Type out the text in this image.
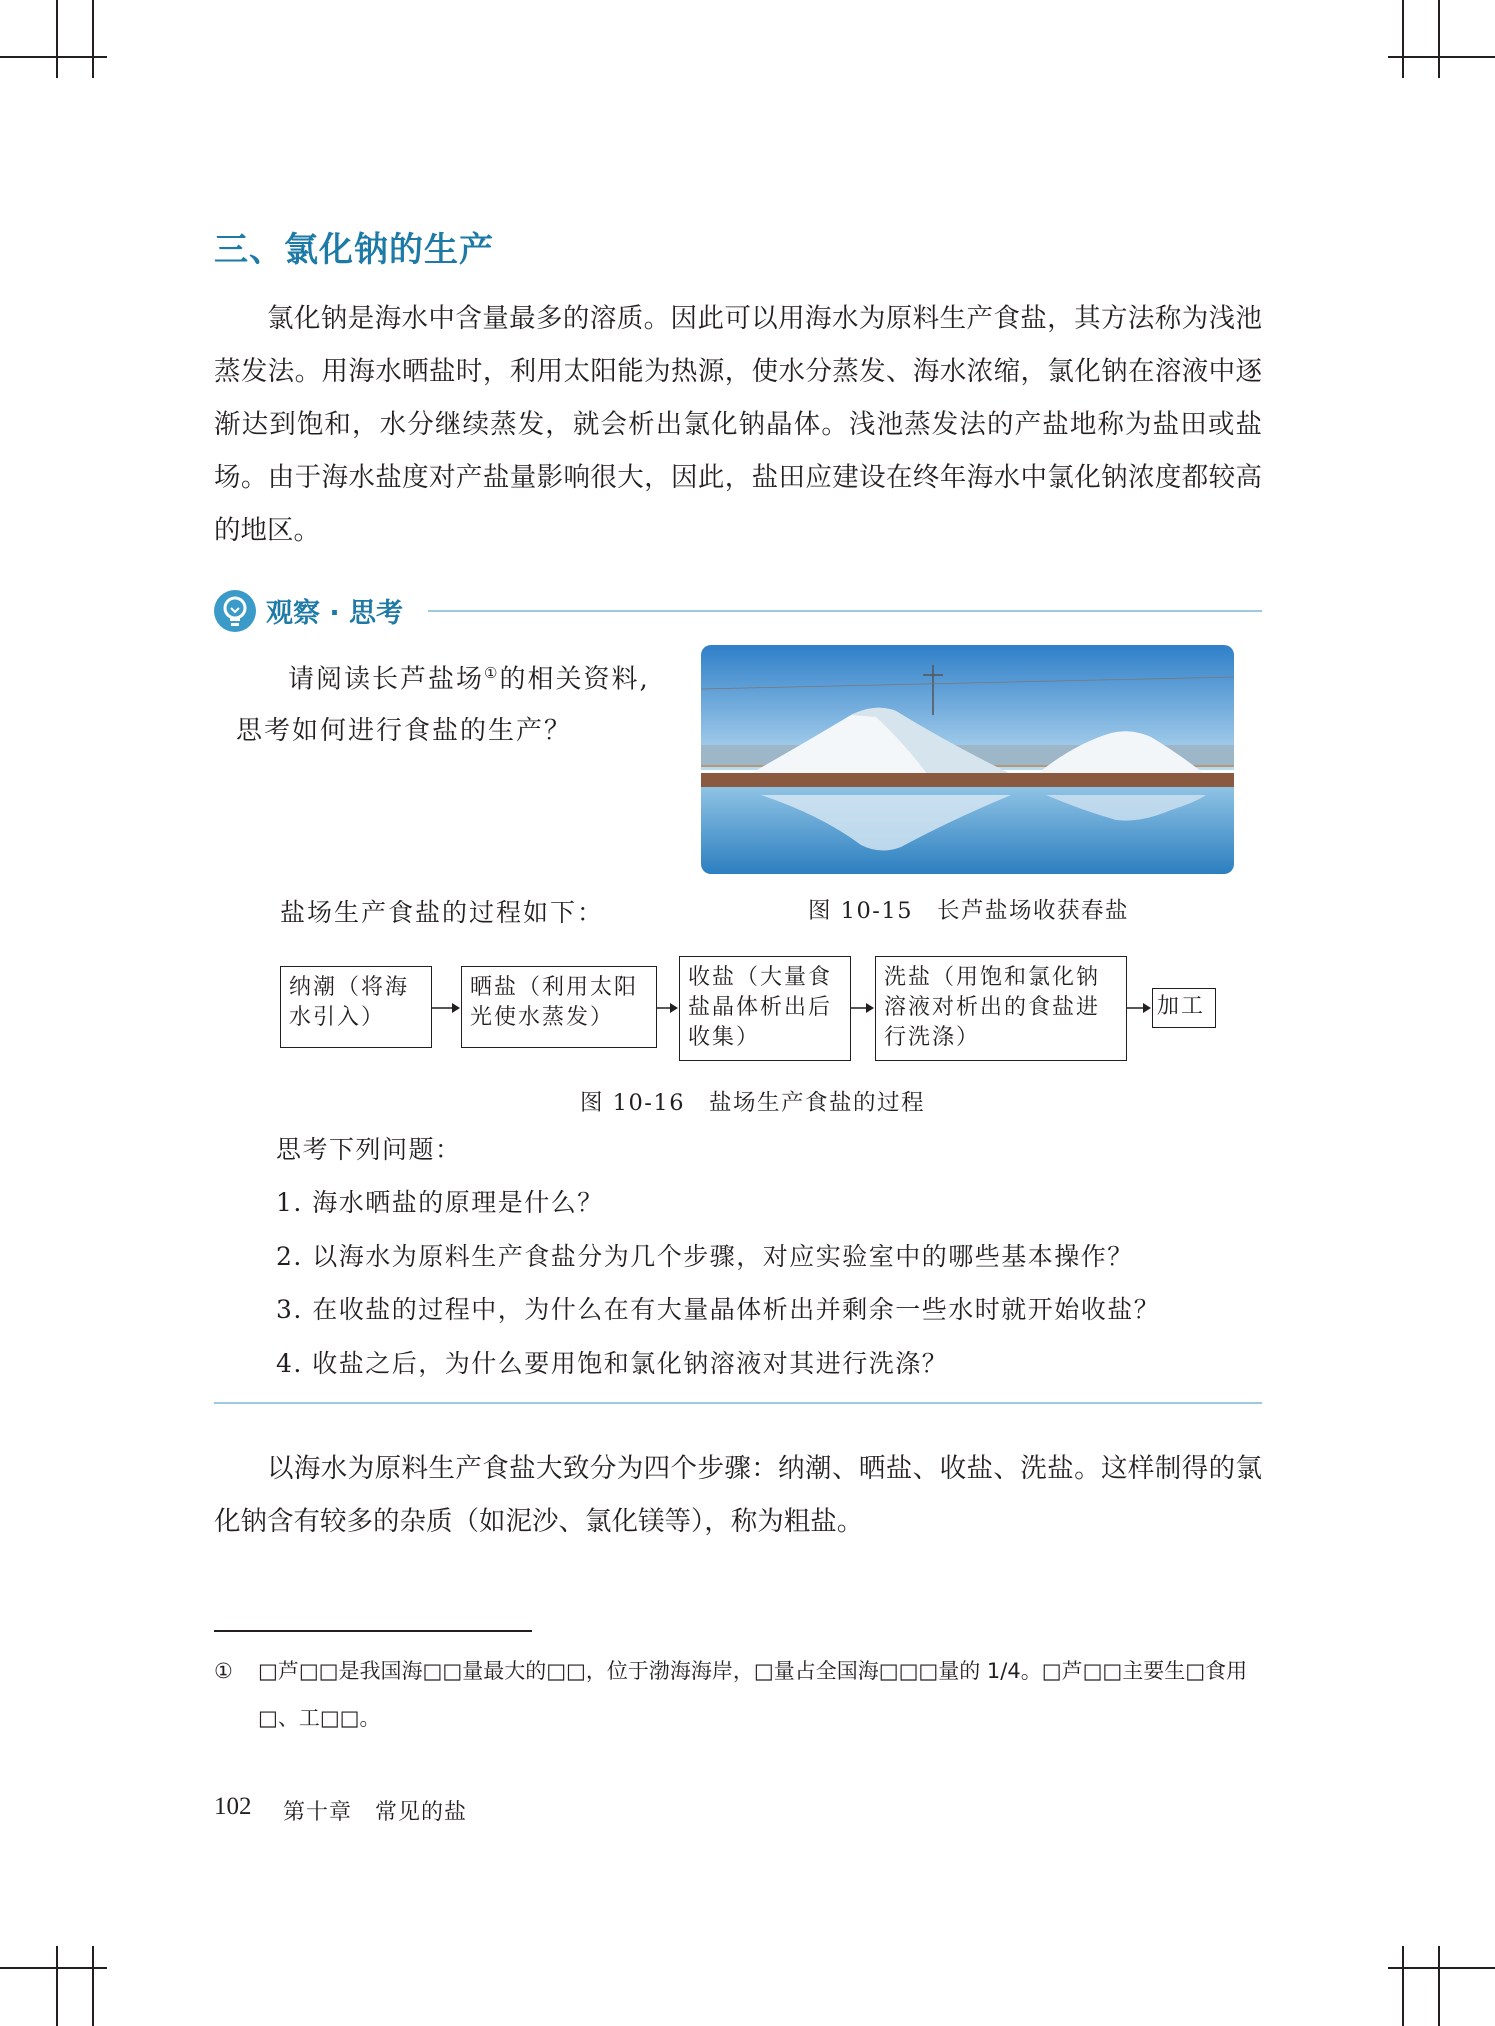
三、氯化钠的生产

氯化钠是海水中含量最多的溶质。因此可以用海水为原料生产食盐，其方法称为浅池蒸发法。用海水晒盐时，利用太阳能为热源，使水分蒸发、海水浓缩，氯化钠在溶液中逐渐达到饱和，水分继续蒸发，就会析出氯化钠晶体。浅池蒸发法的产盐地称为盐田或盐场。由于海水盐度对产盐量影响很大，因此，盐田应建设在终年海水中氯化钠浓度都较高的地区。

观察 · 思考

请阅读长芦盐场①的相关资料, 思考如何进行食盐的生产？

盐场生产食盐的过程如下：	图 10-15　长芦盐场收获春盐
纳潮（将海水引入）
晒盐（利用太阳光使水蒸发）
收盐（大量食盐晶体析出后收集）
洗盐（用饱和氯化钠溶液对析出的食盐进行洗涤）
加工
图 10-16　盐场生产食盐的过程
思考下列问题：
1. 海水晒盐的原理是什么？
2. 以海水为原料生产食盐分为几个步骤，对应实验室中的哪些基本操作？
3. 在收盐的过程中，为什么在有大量晶体析出并剩余一些水时就开始收盐？
4. 收盐之后，为什么要用饱和氯化钠溶液对其进行洗涤？

以海水为原料生产食盐大致分为四个步骤：纳潮、晒盐、收盐、洗盐。这样制得的氯化钠含有较多的杂质（如泥沙、氯化镁等），称为粗盐。

① □芦□□是我国海□□量最大的□□，位于渤海海岸，□量占全国海□□□量的 1/4。□芦□□主要生□食用□、工□□。
102 第十章　常见的盐
